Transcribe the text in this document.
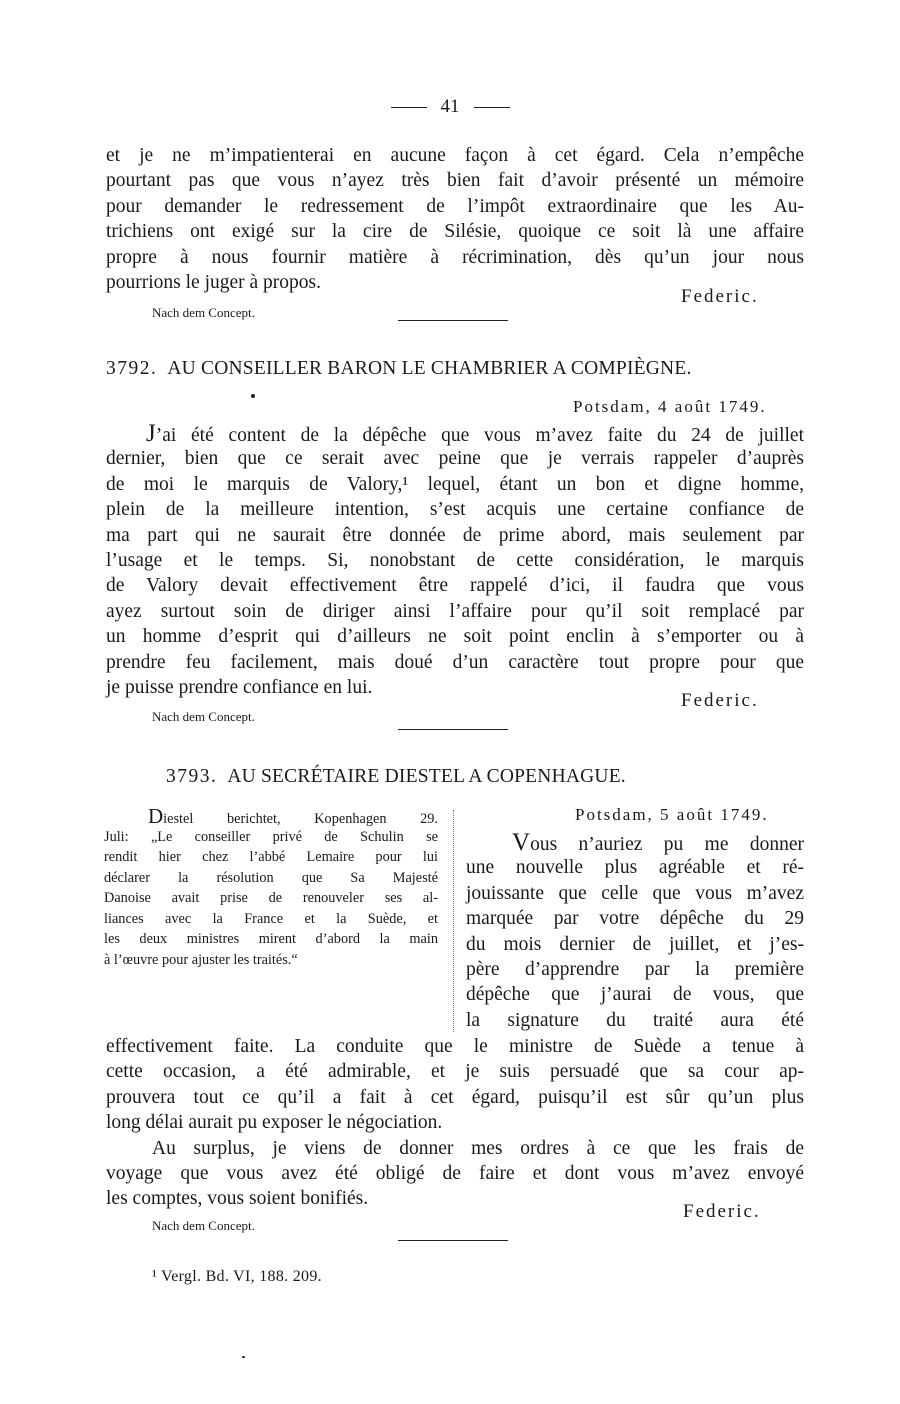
41
et je ne m’impatienterai en aucune façon à cet égard. Cela n’empêche
pourtant pas que vous n’ayez très bien fait d’avoir présenté un mémoire
pour demander le redressement de l’impôt extraordinaire que les Au-
trichiens ont exigé sur la cire de Silésie, quoique ce soit là une affaire
propre à nous fournir matière à récrimination, dès qu’un jour nous
pourrions le juger à propos.
Federic.
Nach dem Concept.
3792. AU CONSEILLER BARON LE CHAMBRIER A COMPIÈGNE.
Potsdam, 4 août 1749.
J’ai été content de la dépêche que vous m’avez faite du 24 de juillet
dernier, bien que ce serait avec peine que je verrais rappeler d’auprès
de moi le marquis de Valory,¹ lequel, étant un bon et digne homme,
plein de la meilleure intention, s’est acquis une certaine confiance de
ma part qui ne saurait être donnée de prime abord, mais seulement par
l’usage et le temps. Si, nonobstant de cette considération, le marquis
de Valory devait effectivement être rappelé d’ici, il faudra que vous
ayez surtout soin de diriger ainsi l’affaire pour qu’il soit remplacé par
un homme d’esprit qui d’ailleurs ne soit point enclin à s’emporter ou à
prendre feu facilement, mais doué d’un caractère tout propre pour que
je puisse prendre confiance en lui.
Federic.
Nach dem Concept.
3793. AU SECRÉTAIRE DIESTEL A COPENHAGUE.
Diestel berichtet, Kopenhagen 29.
Juli: „Le conseiller privé de Schulin se
rendit hier chez l’abbé Lemaire pour lui
déclarer la résolution que Sa Majesté
Danoise avait prise de renouveler ses al-
liances avec la France et la Suède, et
les deux ministres mirent d’abord la main
à l’œuvre pour ajuster les traités.“
Potsdam, 5 août 1749.
Vous n’auriez pu me donner
une nouvelle plus agréable et ré-
jouissante que celle que vous m’avez
marquée par votre dépêche du 29
du mois dernier de juillet, et j’es-
père d’apprendre par la première
dépêche que j’aurai de vous, que
la signature du traité aura été
effectivement faite. La conduite que le ministre de Suède a tenue à
cette occasion, a été admirable, et je suis persuadé que sa cour ap-
prouvera tout ce qu’il a fait à cet égard, puisqu’il est sûr qu’un plus
long délai aurait pu exposer le négociation.
Au surplus, je viens de donner mes ordres à ce que les frais de
voyage que vous avez été obligé de faire et dont vous m’avez envoyé
les comptes, vous soient bonifiés.
Federic.
Nach dem Concept.
¹ Vergl. Bd. VI, 188. 209.
